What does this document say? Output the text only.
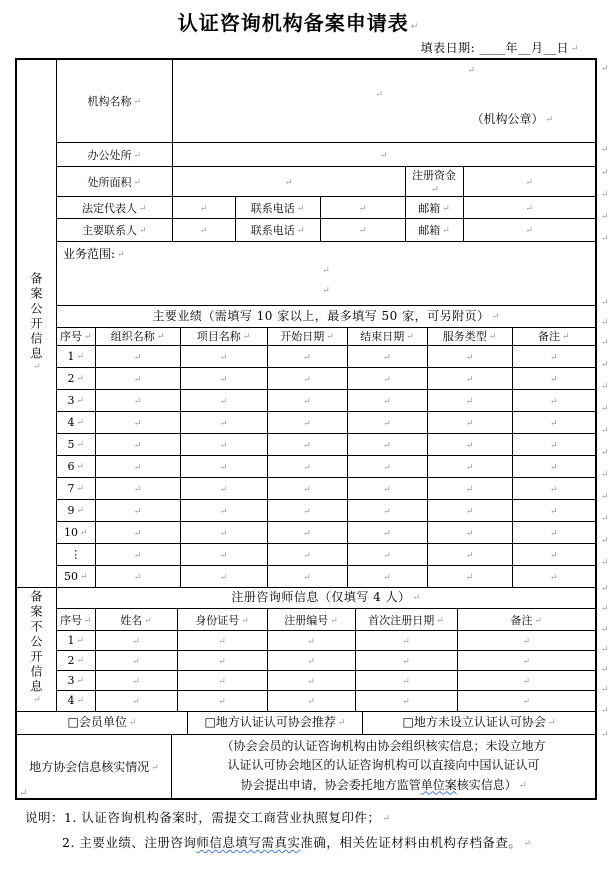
认证咨询机构备案申请表 ↵
填表日期: ____年__月__日 ↵
备案公开信息 ↵
机构名称 ↵	↵
↵
（机构公章） ↵

办公处所 ↵	↵
处所面积 ↵	↵			注册资金 ↵	↵
法定代表人 ↵	↵	联系电话 ↵	↵	邮箱 ↵	↵
主要联系人 ↵	↵	联系电话 ↵	↵	邮箱 ↵	↵
业务范围: ↵
↵
↵
主要业绩（需填写 10 家以上，最多填写 50 家，可另附页） ↵
序号 ↵	组织名称 ↵	项目名称 ↵	开始日期 ↵	结束日期 ↵	服务类型 ↵	备注 ↵
1 ↵	↵	↵	↵	↵	↵	↵
2 ↵	↵	↵	↵	↵	↵	↵
3 ↵	↵	↵	↵	↵	↵	↵
4 ↵	↵	↵	↵	↵	↵	↵
5 ↵	↵	↵	↵	↵	↵	↵
6 ↵	↵	↵	↵	↵	↵	↵
7 ↵	↵	↵	↵	↵	↵	↵
9 ↵	↵	↵	↵	↵	↵	↵
10 ↵	↵	↵	↵	↵	↵	↵
⋮	↵	↵	↵	↵	↵	↵
50 ↵	↵	↵	↵	↵	↵	↵
备案不公开信息 ↵	注册咨询师信息（仅填写 4 人） ↵
序号 ↵	姓名 ↵	身份证号 ↵	注册编号 ↵	首次注册日期 ↵	备注 ↵
1 ↵	↵	↵	↵	↵	↵
2 ↵	↵	↵	↵	↵	↵
3 ↵	↵	↵	↵	↵	↵
4 ↵	↵	↵	↵	↵	↵
□会员单位 ↵	□地方认证认可协会推荐 ↵	□地方未设立认证认可协会 ↵
地方协会信息核实情况 ↵
（协会会员的认证咨询机构由协会组织核实信息；未设立地方
认证认可协会地区的认证咨询机构可以直接向中国认证认可
协会提出申请，协会委托地方监管单位案核实信息） ↵
↵
说明：1. 认证咨询机构备案时，需提交工商营业执照复印件； ↵
2. 主要业绩、注册咨询师信息填写需真实准确，相关佐证材料由机构存档备查。 ↵
↵
↵
↵
↵
↵
↵
↵
↵
↵
↵
↵
↵
↵
↵
↵
↵
↵
↵
↵
↵
↵
↵
↵
↵
↵
↵
↵
